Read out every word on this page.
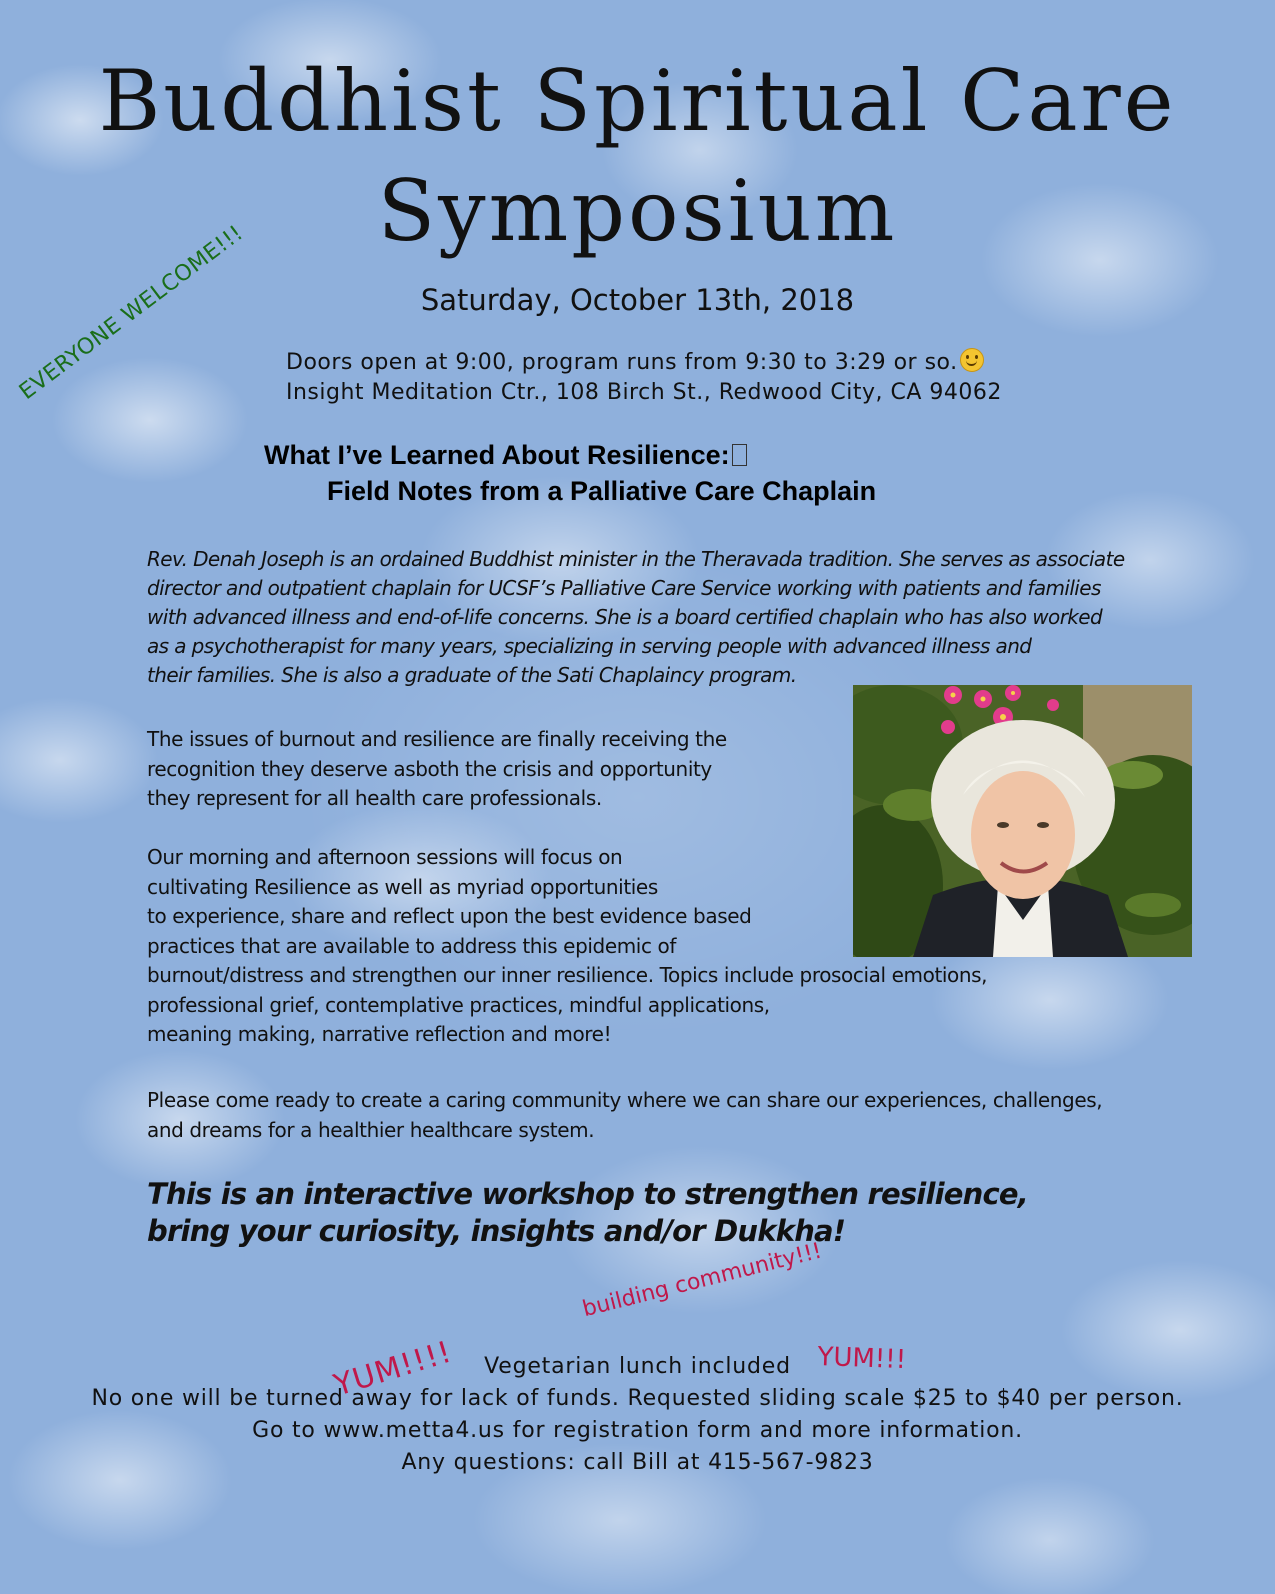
Buddhist Spiritual Care
Symposium
Saturday, October 13th, 2018
Doors open at 9:00, program runs from 9:30 to 3:29 or so.
Insight Meditation Ctr., 108 Birch St., Redwood City, CA 94062
EVERYONE WELCOME!!!
What I’ve Learned About Resilience:
Field Notes from a Palliative Care Chaplain
Rev. Denah Joseph is an ordained Buddhist minister in the Theravada tradition. She serves as associate
director and outpatient chaplain for UCSF’s Palliative Care Service working with patients and families
with advanced illness and end-of-life concerns. She is a board certified chaplain who has also worked
as a psychotherapist for many years, specializing in serving people with advanced illness and
their families. She is also a graduate of the Sati Chaplaincy program.
The issues of burnout and resilience are finally receiving the
recognition they deserve asboth the crisis and opportunity
they represent for all health care professionals.
Our morning and afternoon sessions will focus on
cultivating Resilience as well as myriad opportunities
to experience, share and reflect upon the best evidence based
practices that are available to address this epidemic of
burnout/distress and strengthen our inner resilience. Topics include prosocial emotions,
professional grief, contemplative practices, mindful applications,
meaning making, narrative reflection and more!
Please come ready to create a caring community where we can share our experiences, challenges,
and dreams for a healthier healthcare system.
This is an interactive workshop to strengthen resilience,
bring your curiosity, insights and/or Dukkha!
building community!!!
YUM!!!!	YUM!!!
Vegetarian lunch included
No one will be turned away for lack of funds. Requested sliding scale $25 to $40 per person.
Go to www.metta4.us for registration form and more information.
Any questions: call Bill at 415-567-9823
